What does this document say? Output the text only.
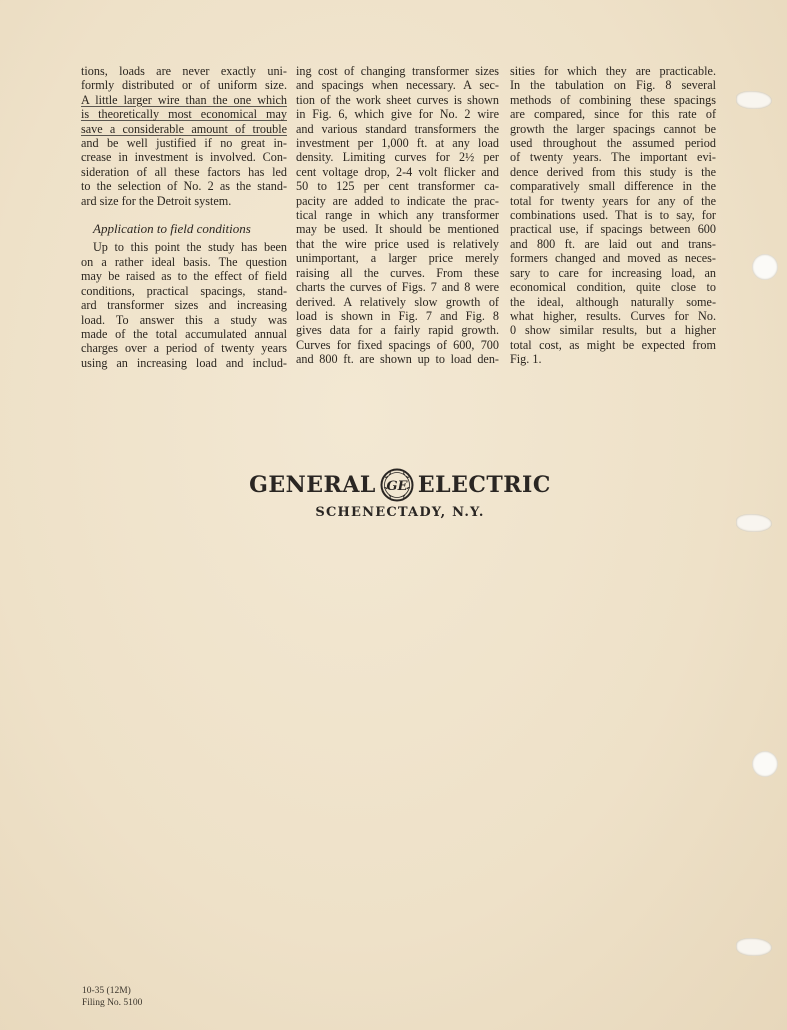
tions, loads are never exactly uni-
formly distributed or of uniform size.
A little larger wire than the one which
is theoretically most economical may
save a considerable amount of trouble
and be well justified if no great in-
crease in investment is involved. Con-
sideration of all these factors has led
to the selection of No. 2 as the stand-
ard size for the Detroit system.
Application to field conditions
Up to this point the study has been
on a rather ideal basis. The question
may be raised as to the effect of field
conditions, practical spacings, stand-
ard transformer sizes and increasing
load. To answer this a study was
made of the total accumulated annual
charges over a period of twenty years
using an increasing load and includ-
ing cost of changing transformer sizes
and spacings when necessary. A sec-
tion of the work sheet curves is shown
in Fig. 6, which give for No. 2 wire
and various standard transformers the
investment per 1,000 ft. at any load
density. Limiting curves for 2½ per
cent voltage drop, 2-4 volt flicker and
50 to 125 per cent transformer ca-
pacity are added to indicate the prac-
tical range in which any transformer
may be used. It should be mentioned
that the wire price used is relatively
unimportant, a larger price merely
raising all the curves. From these
charts the curves of Figs. 7 and 8 were
derived. A relatively slow growth of
load is shown in Fig. 7 and Fig. 8
gives data for a fairly rapid growth.
Curves for fixed spacings of 600, 700
and 800 ft. are shown up to load den-
sities for which they are practicable.
In the tabulation on Fig. 8 several
methods of combining these spacings
are compared, since for this rate of
growth the larger spacings cannot be
used throughout the assumed period
of twenty years. The important evi-
dence derived from this study is the
comparatively small difference in the
total for twenty years for any of the
combinations used. That is to say, for
practical use, if spacings between 600
and 800 ft. are laid out and trans-
formers changed and moved as neces-
sary to care for increasing load, an
economical condition, quite close to
the ideal, although naturally some-
what higher, results. Curves for No.
0 show similar results, but a higher
total cost, as might be expected from
Fig. 1.
GENERAL GE ELECTRIC
SCHENECTADY, N.Y.
10-35 (12M)
Filing No. 5100
